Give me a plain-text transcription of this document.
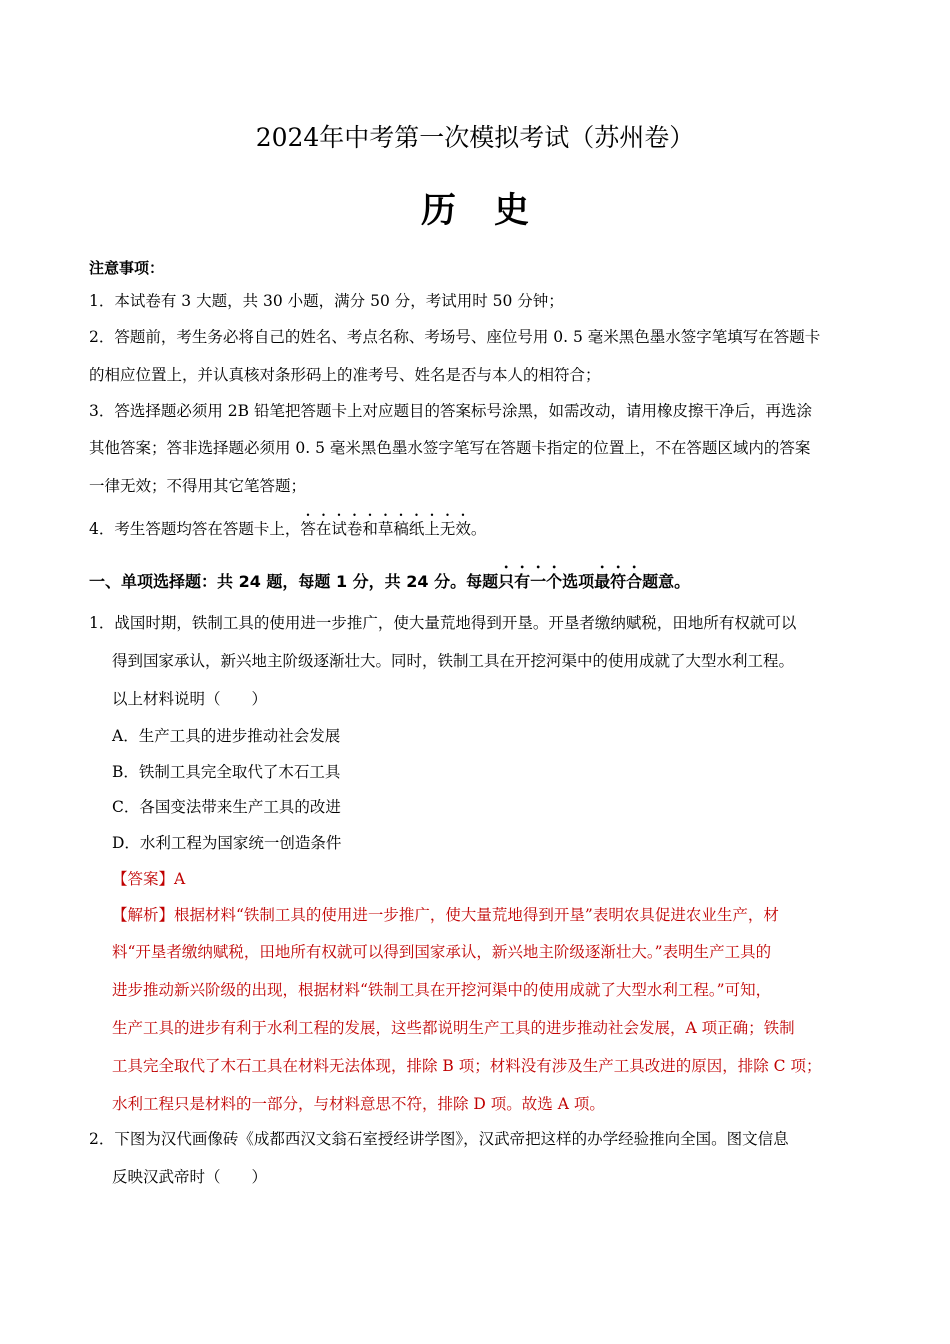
2024年中考第一次模拟考试（苏州卷）
历史
注意事项：
1．本试卷有 3 大题，共 30 小题，满分 50 分，考试用时 50 分钟；
2．答题前，考生务必将自己的姓名、考点名称、考场号、座位号用 0. 5 毫米黑色墨水签字笔填写在答题卡
的相应位置上，并认真核对条形码上的准考号、姓名是否与本人的相符合；
3．答选择题必须用 2B 铅笔把答题卡上对应题目的答案标号涂黑，如需改动，请用橡皮擦干净后，再选涂
其他答案；答非选择题必须用 0. 5 毫米黑色墨水签字笔写在答题卡指定的位置上，不在答题区域内的答案
一律无效；不得用其它笔答题；
4．考生答题均答在答题卡上，答在试卷和草稿纸上无效。
一、单项选择题：共 24 题，每题 1 分，共 24 分。每题只有一个选项最符合题意。
1．战国时期，铁制工具的使用进一步推广，使大量荒地得到开垦。开垦者缴纳赋税，田地所有权就可以
得到国家承认，新兴地主阶级逐渐壮大。同时，铁制工具在开挖河渠中的使用成就了大型水利工程。
以上材料说明（　　）
A．生产工具的进步推动社会发展
B．铁制工具完全取代了木石工具
C．各国变法带来生产工具的改进
D．水利工程为国家统一创造条件
【答案】A
【解析】根据材料“铁制工具的使用进一步推广，使大量荒地得到开垦”表明农具促进农业生产，材
料“开垦者缴纳赋税，田地所有权就可以得到国家承认，新兴地主阶级逐渐壮大。”表明生产工具的
进步推动新兴阶级的出现，根据材料“铁制工具在开挖河渠中的使用成就了大型水利工程。”可知，
生产工具的进步有利于水利工程的发展，这些都说明生产工具的进步推动社会发展，A 项正确；铁制
工具完全取代了木石工具在材料无法体现，排除 B 项；材料没有涉及生产工具改进的原因，排除 C 项；
水利工程只是材料的一部分，与材料意思不符，排除 D 项。故选 A 项。
2．下图为汉代画像砖《成都西汉文翁石室授经讲学图》，汉武帝把这样的办学经验推向全国。图文信息
反映汉武帝时（　　）
